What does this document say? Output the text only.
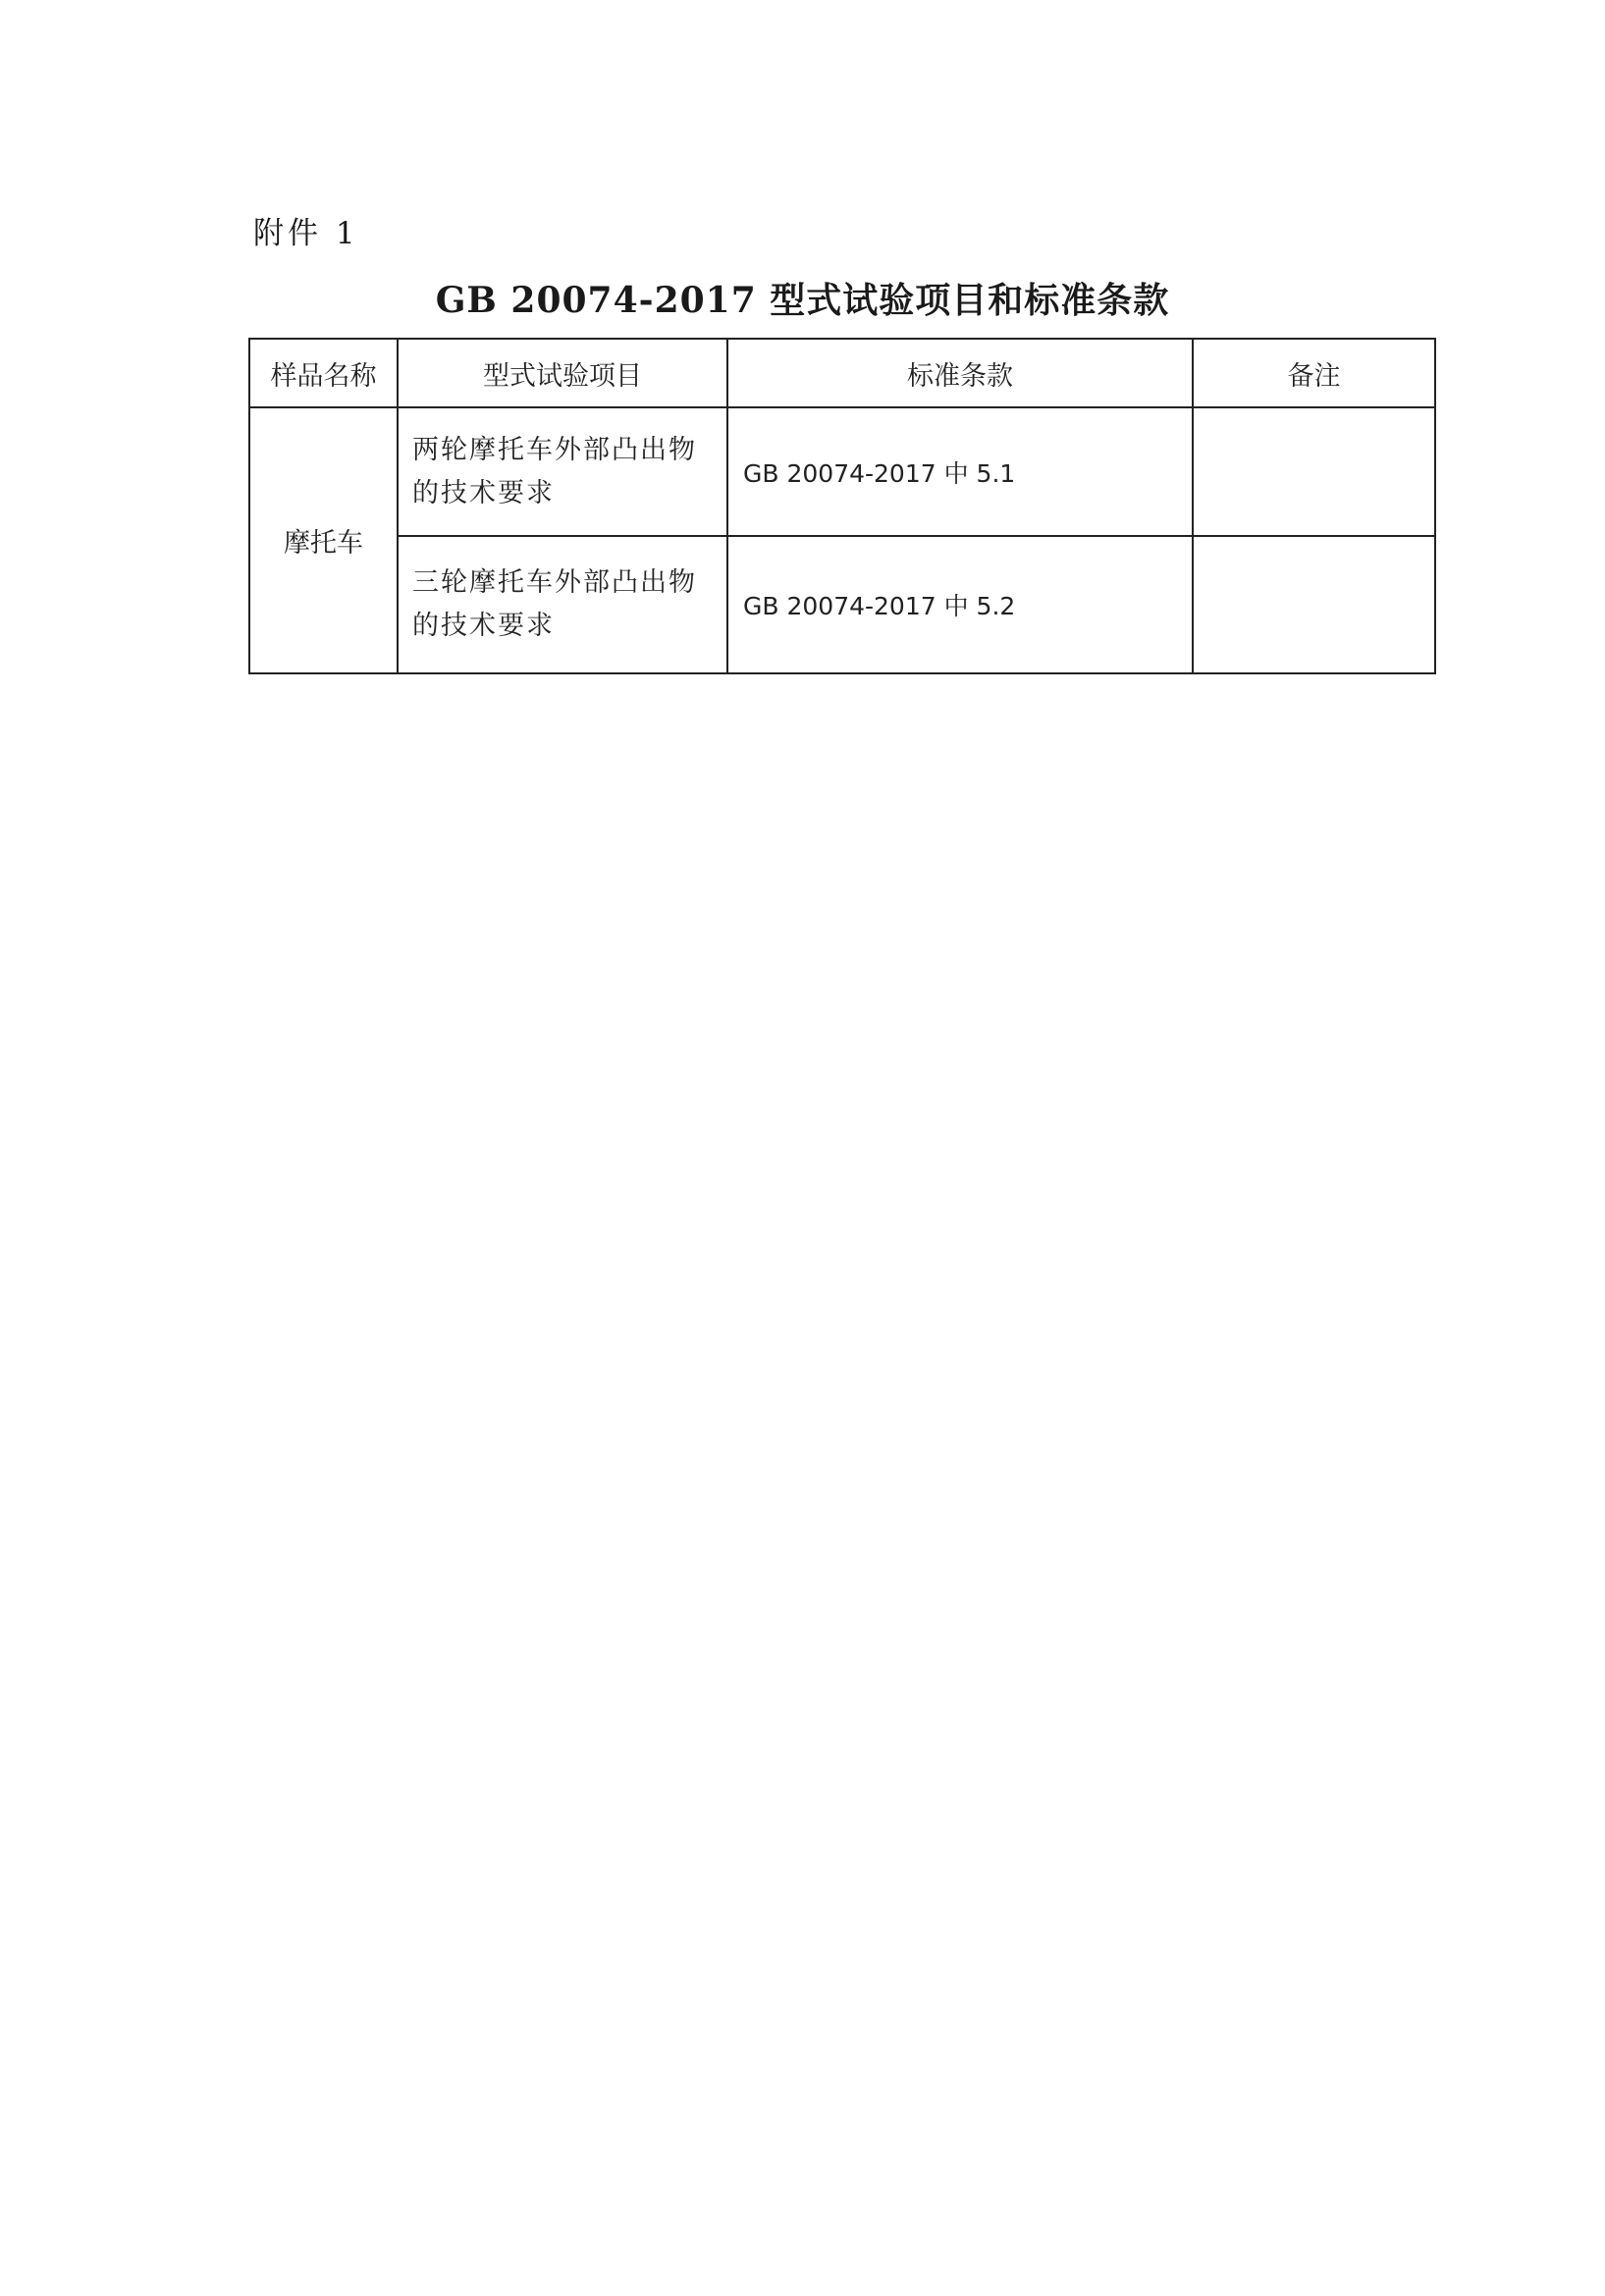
附件 1
GB 20074-2017 型式试验项目和标准条款
样品名称	型式试验项目	标准条款	备注
摩托车	两轮摩托车外部凸出物的技术要求	GB 20074-2017 中 5.1	
	三轮摩托车外部凸出物的技术要求	GB 20074-2017 中 5.2	
